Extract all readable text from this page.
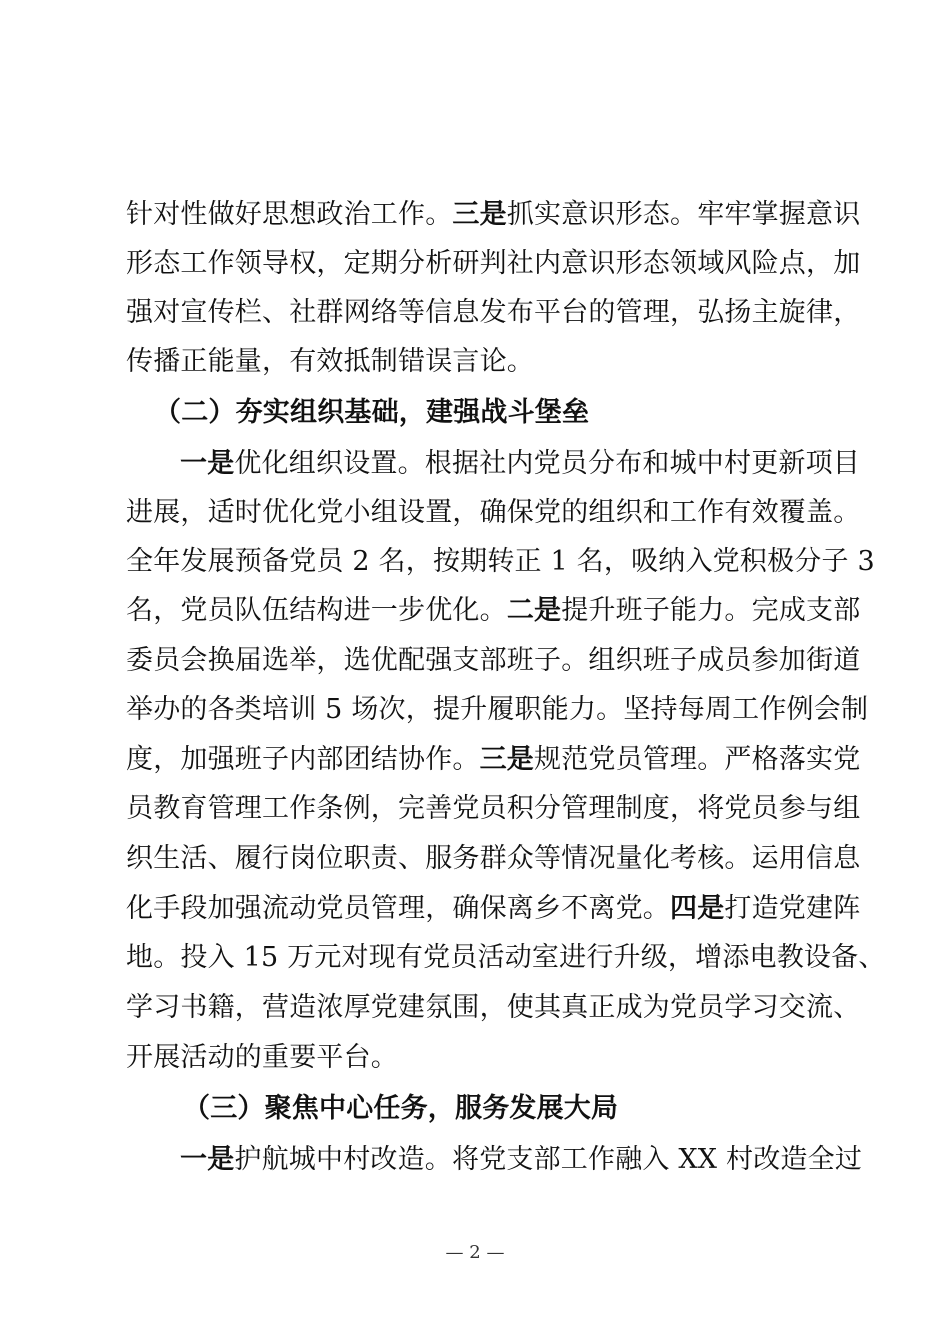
针对性做好思想政治工作。三是抓实意识形态。牢牢掌握意识
形态工作领导权，定期分析研判社内意识形态领域风险点，加
强对宣传栏、社群网络等信息发布平台的管理，弘扬主旋律，
传播正能量，有效抵制错误言论。
（二）夯实组织基础，建强战斗堡垒
一是优化组织设置。根据社内党员分布和城中村更新项目
进展，适时优化党小组设置，确保党的组织和工作有效覆盖。
全年发展预备党员 2 名，按期转正 1 名，吸纳入党积极分子 3
名，党员队伍结构进一步优化。二是提升班子能力。完成支部
委员会换届选举，选优配强支部班子。组织班子成员参加街道
举办的各类培训 5 场次，提升履职能力。坚持每周工作例会制
度，加强班子内部团结协作。三是规范党员管理。严格落实党
员教育管理工作条例，完善党员积分管理制度，将党员参与组
织生活、履行岗位职责、服务群众等情况量化考核。运用信息
化手段加强流动党员管理，确保离乡不离党。四是打造党建阵
地。投入 15 万元对现有党员活动室进行升级，增添电教设备、
学习书籍，营造浓厚党建氛围，使其真正成为党员学习交流、
开展活动的重要平台。
（三）聚焦中心任务，服务发展大局
一是护航城中村改造。将党支部工作融入 XX 村改造全过
— 2 —
